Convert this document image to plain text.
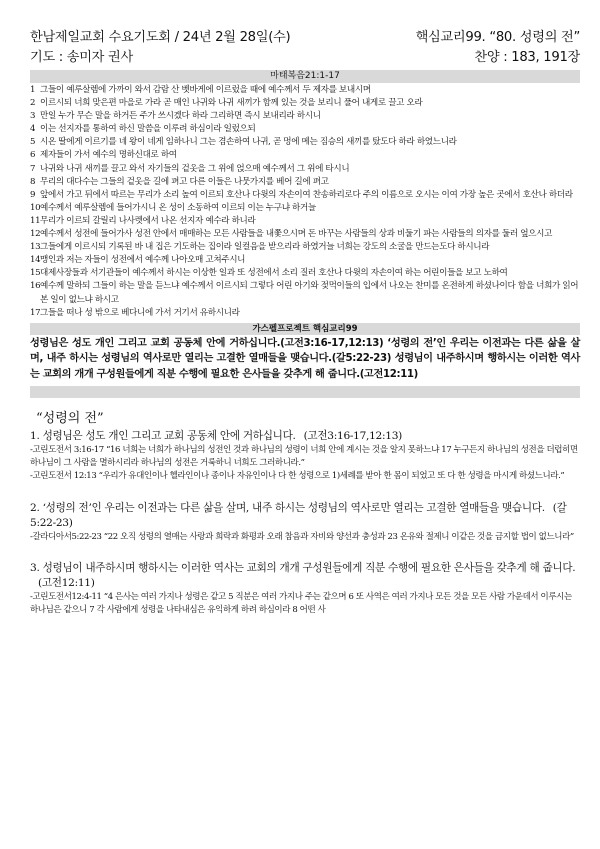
한남제일교회 수요기도회 / 24년 2월 28일(수)	핵심교리99. “80. 성령의 전”
기도 : 송미자 권사	찬양 : 183, 191장
마태복음21:1-17
1 그들이 예루살렘에 가까이 와서 감람 산 벳바게에 이르렀을 때에 예수께서 두 제자를 보내시며
2 이르시되 너희 맞은편 마을로 가라 곧 매인 나귀와 나귀 새끼가 함께 있는 것을 보리니 풀어 내게로 끌고 오라
3 만일 누가 무슨 말을 하거든 주가 쓰시겠다 하라 그리하면 즉시 보내리라 하시니
4 이는 선지자를 통하여 하신 말씀을 이루려 하심이라 일렀으되
5 시온 딸에게 이르기를 네 왕이 네게 임하나니 그는 겸손하여 나귀, 곧 멍에 메는 짐승의 새끼를 탔도다 하라 하였느니라
6 제자들이 가서 예수의 명하신대로 하여
7 나귀와 나귀 새끼를 끌고 와서 자기들의 겉옷을 그 위에 얹으매 예수께서 그 위에 타시니
8 무리의 대다수는 그들의 겉옷을 길에 펴고 다른 이들은 나뭇가지를 베어 길에 펴고
9 앞에서 가고 뒤에서 따르는 무리가 소리 높여 이르되 호산나 다윗의 자손이여 찬송하리로다 주의 이름으로 오시는 이여 가장 높은 곳에서 호산나 하더라
10 예수께서 예루살렘에 들어가시니 온 성이 소동하여 이르되 이는 누구냐 하거늘
11 무리가 이르되 갈릴리 나사렛에서 나온 선지자 예수라 하니라
12 예수께서 성전에 들어가사 성전 안에서 매매하는 모든 사람들을 내쫓으시며 돈 바꾸는 사람들의 상과 비둘기 파는 사람들의 의자를 둘러 엎으시고
13 그들에게 이르시되 기록된 바 내 집은 기도하는 집이라 일컬음을 받으리라 하였거늘 너희는 강도의 소굴을 만드는도다 하시니라
14 맹인과 저는 자들이 성전에서 예수께 나아오매 고쳐주시니
15 대제사장들과 서기관들이 예수께서 하시는 이상한 일과 또 성전에서 소리 질러 호산나 다윗의 자손이여 하는 어린이들을 보고 노하여
16 예수께 말하되 그들이 하는 말을 듣느냐 예수께서 이르시되 그렇다 어린 아기와 젖먹이들의 입에서 나오는 찬미를 온전하게 하셨나이다 함을 너희가 읽어 본 일이 없느냐 하시고
17 그들을 떠나 성 밖으로 베다니에 가서 거기서 유하시니라
가스펠프로젝트 핵심교리99
성령님은 성도 개인 그리고 교회 공동체 안에 거하십니다.(고전3:16-17,12:13) ‘성령의 전’인 우리는 이전과는 다른 삶을 살며, 내주 하시는 성령님의 역사로만 열리는 고결한 열매들을 맺습니다.(갈5:22-23) 성령님이 내주하시며 행하시는 이러한 역사는 교회의 개개 구성원들에게 직분 수행에 필요한 은사들을 갖추게 해 줍니다.(고전12:11)
“성령의 전”
1. 성령님은 성도 개인 그리고 교회 공동체 안에 거하십니다. (고전3:16-17,12:13)
-고린도전서 3:16-17 “16 너희는 너희가 하나님의 성전인 것과 하나님의 성령이 너희 안에 계시는 것을 알지 못하느냐 17 누구든지 하나님의 성전을 더럽히면 하나님이 그 사람을 멸하시리라 하나님의 성전은 거룩하니 너희도 그러하니라.”
-고린도전서 12:13 “우리가 유대인이나 헬라인이나 종이나 자유인이나 다 한 성령으로 1)세례를 받아 한 몸이 되었고 또 다 한 성령을 마시게 하셨느니라.”
2. ‘성령의 전’인 우리는 이전과는 다른 삶을 살며, 내주 하시는 성령님의 역사로만 열리는 고결한 열매들을 맺습니다. (갈5:22-23)
-갈라디아서5:22-23 “22 오직 성령의 열매는 사랑과 희락과 화평과 오래 참음과 자비와 양선과 충성과 23 온유와 절제니 이같은 것을 금지할 법이 없느니라”
3. 성령님이 내주하시며 행하시는 이러한 역사는 교회의 개개 구성원들에게 직분 수행에 필요한 은사들을 갖추게 해 줍니다.(고전12:11)
-고린도전서12:4-11 “4 은사는 여러 가지나 성령은 같고 5 직분은 여러 가지나 주는 같으며 6 또 사역은 여러 가지나 모든 것을 모든 사람 가운데서 이루시는 하나님은 같으니 7 각 사람에게 성령을 나타내심은 유익하게 하려 하심이라 8 어떤 사
